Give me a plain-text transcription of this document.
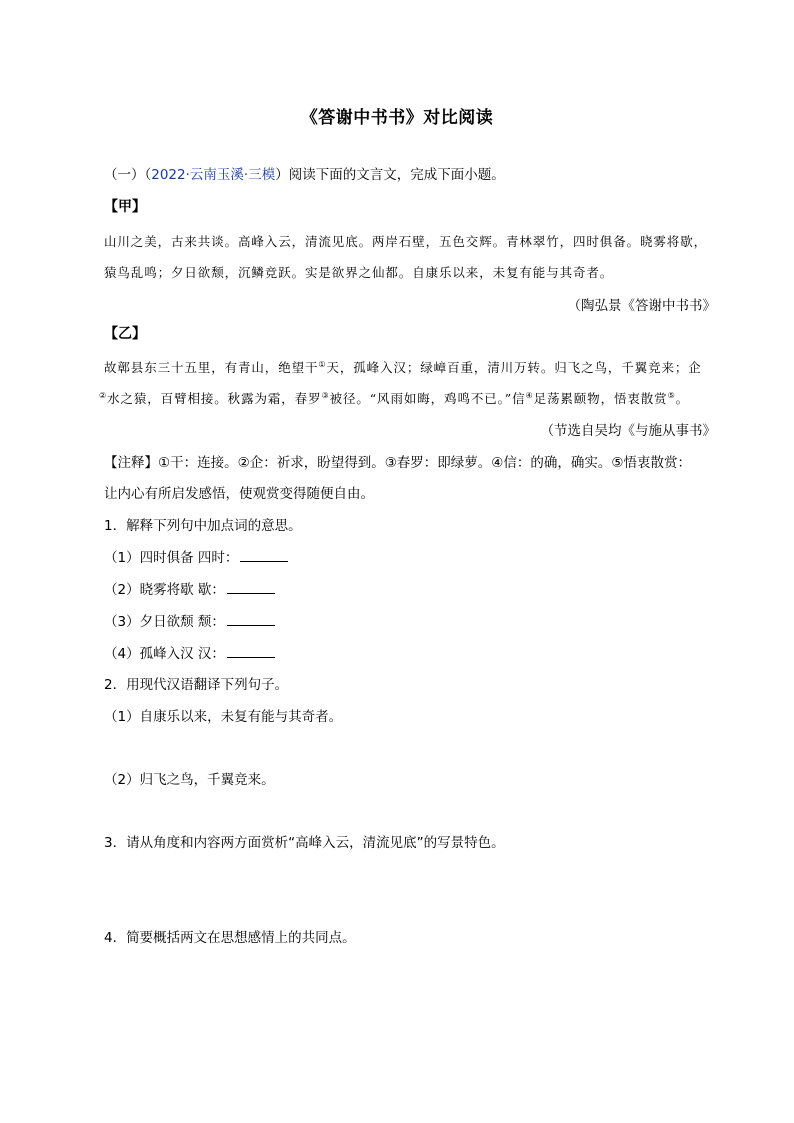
《答谢中书书》对比阅读
（一）（2022·云南玉溪·三模）阅读下面的文言文，完成下面小题。
【甲】
山川之美，古来共谈。高峰入云，清流见底。两岸石壁，五色交辉。青林翠竹，四时俱备。晓雾将歇，
猿鸟乱鸣；夕日欲颓，沉鳞竞跃。实是欲界之仙都。自康乐以来，未复有能与其奇者。
（陶弘景《答谢中书书》
【乙】
故鄣县东三十五里，有青山，绝望干①天，孤峰入汉；绿嶂百重，清川万转。归飞之鸟，千翼竞来；企
②水之猿，百臂相接。秋露为霜，春罗③被径。“风雨如晦，鸡鸣不已。”信④足荡累颐物，悟衷散赏⑤。
（节选自吴均《与施从事书》
【注释】①干：连接。②企：祈求，盼望得到。③春罗：即绿萝。④信：的确，确实。⑤悟衷散赏：
让内心有所启发感悟，使观赏变得随便自由。
1．解释下列句中加点词的意思。
（1）四时俱备 四时：
（2）晓雾将歇 歇：
（3）夕日欲颓 颓：
（4）孤峰入汉 汉：
2．用现代汉语翻译下列句子。
（1）自康乐以来，未复有能与其奇者。
（2）归飞之鸟，千翼竞来。
3．请从角度和内容两方面赏析“高峰入云，清流见底”的写景特色。
4．简要概括两文在思想感情上的共同点。
